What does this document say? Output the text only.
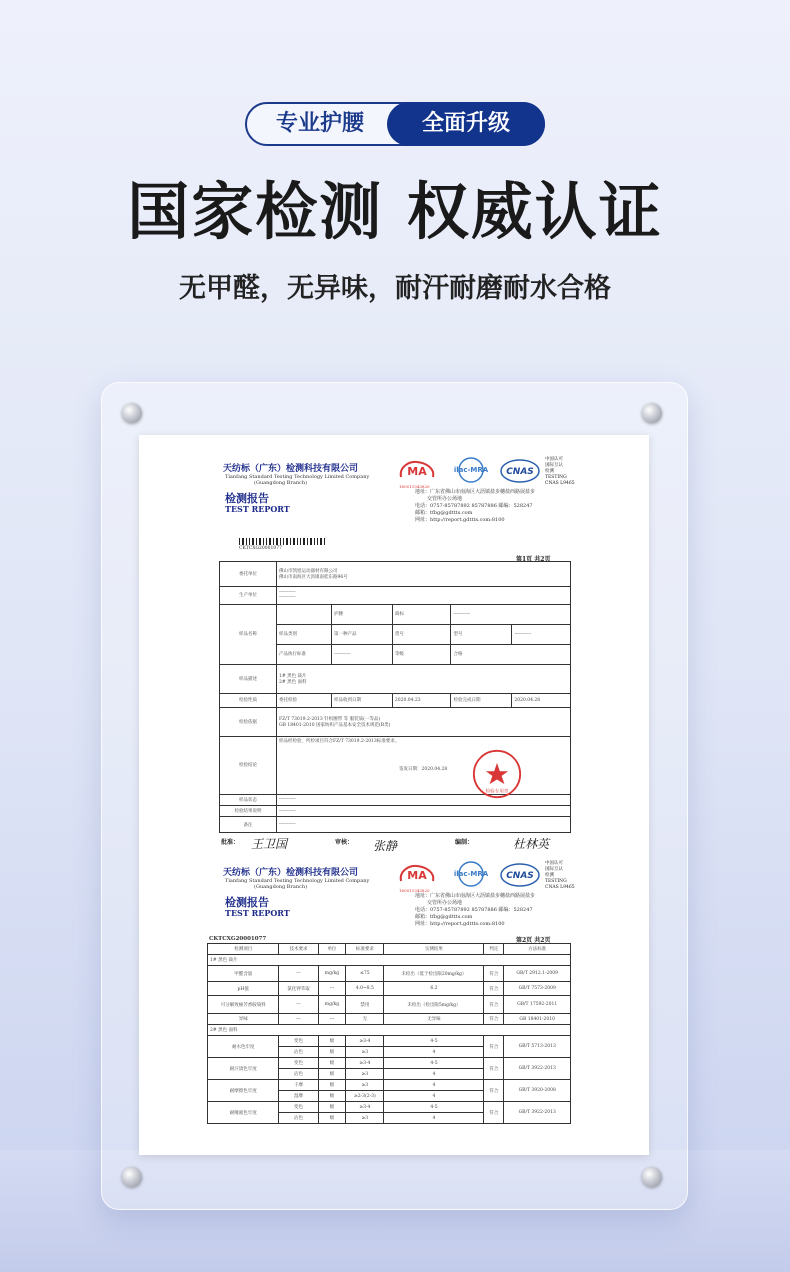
专业护腰	全面升级
国家检测 权威认证
无甲醛，无异味，耐汗耐磨耐水合格
天纺标（广东）检测科技有限公司
Tianfang Standard Testing Technology Limited Company
(Guangdong Branch)
检测报告
TEST REPORT
MA
160011343820
ilac-MRA CNAS
中国认可
国际互认
检测
TESTING
CNAS L9465
地址：广东省佛山市南海区大沥镇盐步穗盐西路展盐步
交管所办公场地
电话：0757-85787892 85787886 邮编：528247
邮箱：tfbg@gdttts.com
网址：http://report.gdttts.com:8100
CKTCXG20001077
第1页 共2页
委托单位	佛山市凯旭运动器材有限公司
佛山市南海区大沥镇南桂东路96号				

生产单位	-----------
-----------				

样品名称		护腰	商标	-----------	
	样品类别	第一种产品	货号	型号	-----------
	产品执行标准	-----------	等级	合格	
样品描述	1# 黑色 裁片
2# 黑色 面料				

检验性质	委托检验	样品收到日期	2020.04.23	检验完成日期	2020.04.28
检验依据	FZ/T 73019.2-2013 针织腰带 等 服装质(一等品)
GB 18401-2010 国家纺织产品基本安全技术规范(B类)				

检验结论	样品经检验，所检项目符合FZ/T 73019.2-2013标准要求。
签发日期：2020.04.28				

样品状态	-----------				
检验结果说明	-----------				
备注	-----------				
检验专用章
批准： 王卫国	审核： 张静	编制：	杜林英
天纺标（广东）检测科技有限公司
Tianfang Standard Testing Technology Limited Company
(Guangdong Branch)
检测报告
TEST REPORT
MA
160011343820
ilac-MRA CNAS
中国认可
国际互认
检测
TESTING
CNAS L9465
地址：广东省佛山市南海区大沥镇盐步穗盐西路展盐步
交管所办公场地
电话：0757-85787892 85787886 邮编：528247
邮箱：tfbg@gdttts.com
网址：http://report.gdttts.com:8100
CKTCXG20001077	第2页 共2页
检测项目	技术要求	单位	标准要求	实测结果	判定	方法标准
1# 黑色 裁片						
甲醛含量	---	mg/kg	≤75	未检出（低于检出限20mg/kg）	符合	GB/T 2912.1-2009
pH值	氯化钾萃取	---	4.0~8.5	6.2	符合	GB/T 7573-2009
可分解致癌芳香胺染料	---	mg/kg	禁用	未检出（检出限5mg/kg）	符合	GB/T 17592-2011
异味	---	---	无	无异味	符合	GB 18401-2010
2# 黑色 面料						
耐水色牢度	变色	级	≥3-4	4-5	符合	GB/T 5713-2013
	沾色	级	≥3	4		
耐汗渍色牢度	变色	级	≥3-4	4-5	符合	GB/T 3922-2013
	沾色	级	≥3	4		
耐摩擦色牢度	干摩	级	≥3	4	符合	GB/T 3920-2008
	湿摩	级	≥2-3(2-3)	4		
耐唾液色牢度	变色	级	≥3-4	4-5	符合	GB/T 3922-2013
	沾色	级	≥3	4		
